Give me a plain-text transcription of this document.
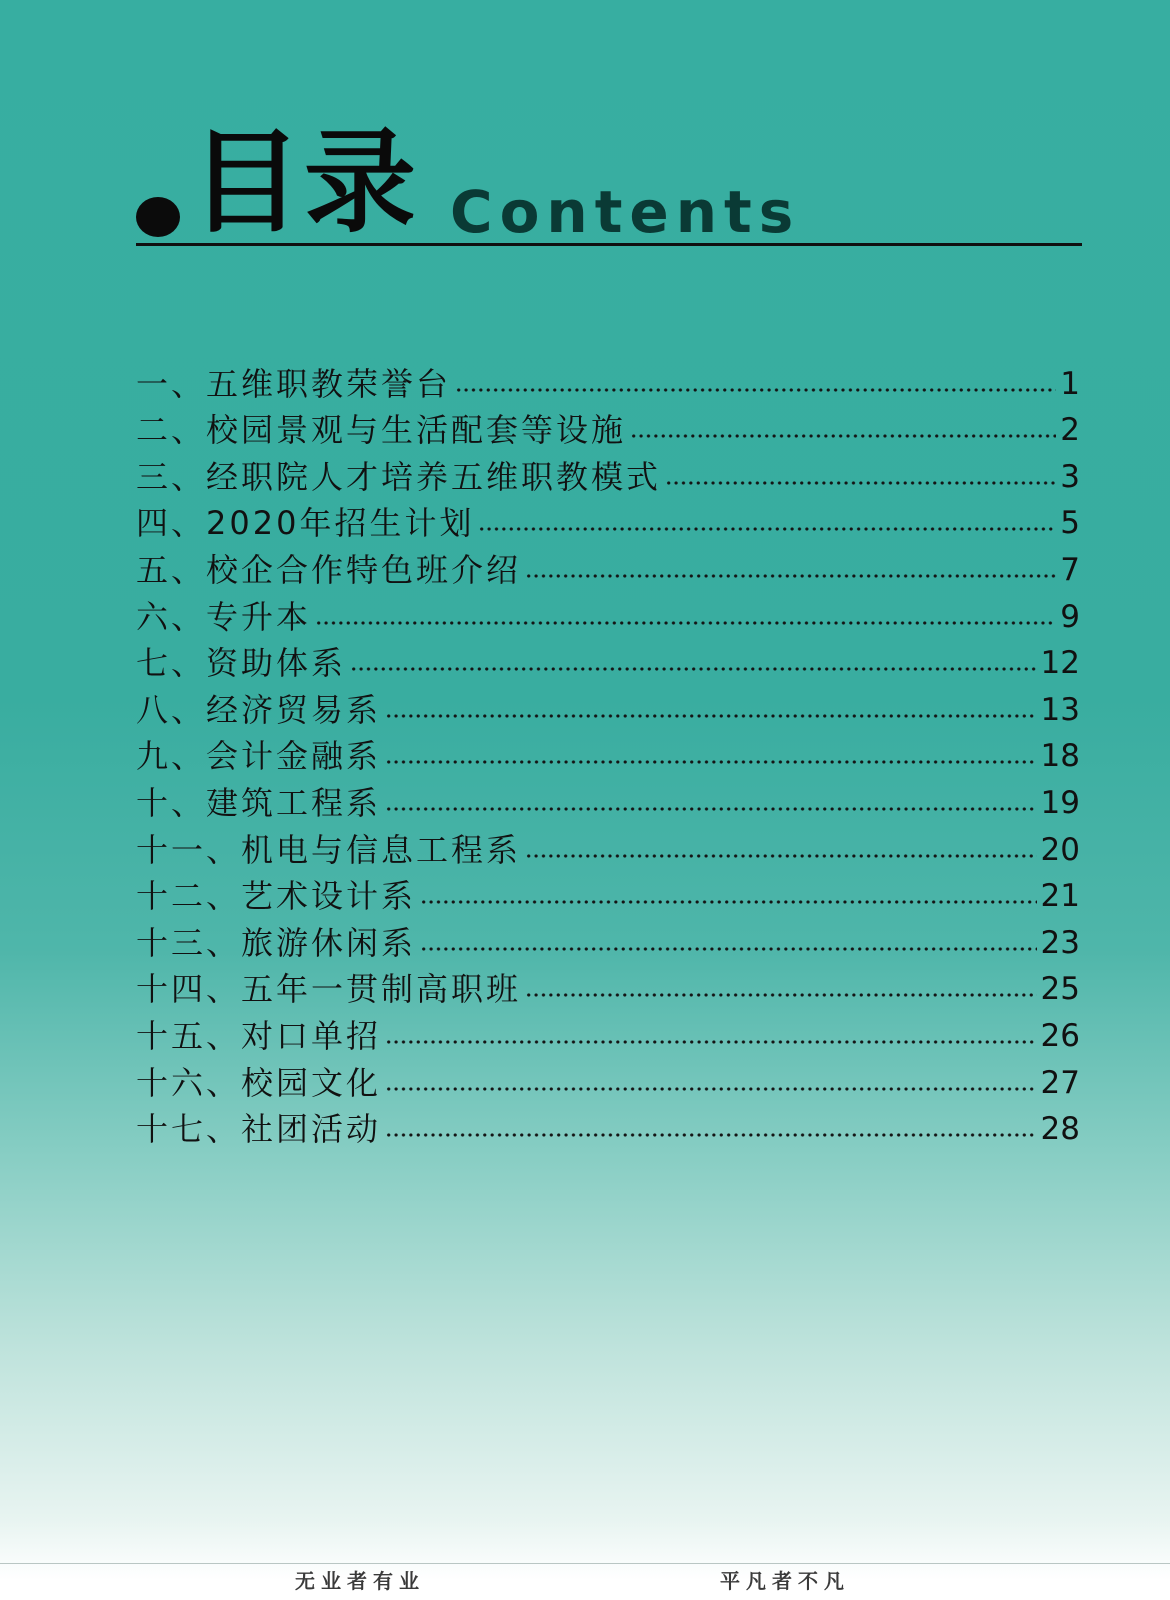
目录 Contents
一、五维职教荣誉台	1
二、校园景观与生活配套等设施	2
三、经职院人才培养五维职教模式	3
四、2020年招生计划	5
五、校企合作特色班介绍	7
六、专升本	9
七、资助体系	12
八、经济贸易系	13
九、会计金融系	18
十、建筑工程系	19
十一、机电与信息工程系	20
十二、艺术设计系	21
十三、旅游休闲系	23
十四、五年一贯制高职班	25
十五、对口单招	26
十六、校园文化	27
十七、社团活动	28
无业者有业	平凡者不凡
